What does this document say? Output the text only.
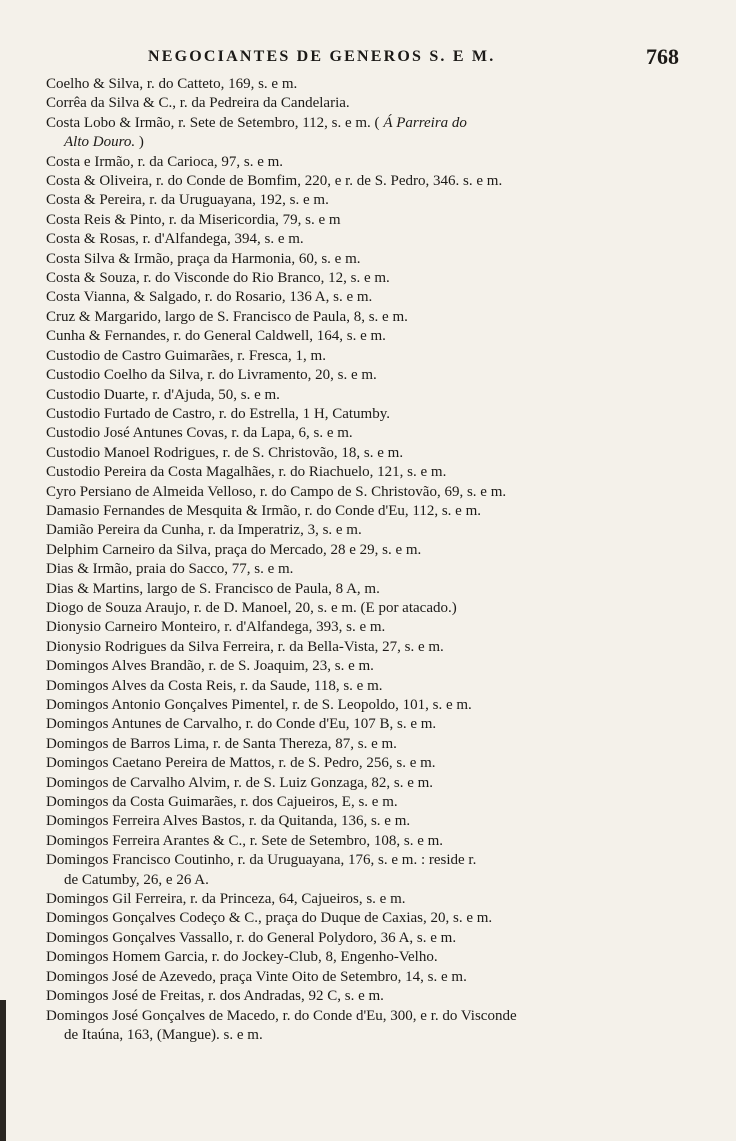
NEGOCIANTES DE GENEROS S. E M.	768
Coelho & Silva, r. do Catteto, 169, s. e m.
Corrêa da Silva & C., r. da Pedreira da Candelaria.
Costa Lobo & Irmão, r. Sete de Setembro, 112, s. e m. ( Á Parreira do
Alto Douro. )
Costa e Irmão, r. da Carioca, 97, s. e m.
Costa & Oliveira, r. do Conde de Bomfim, 220, e r. de S. Pedro, 346. s. e m.
Costa & Pereira, r. da Uruguayana, 192, s. e m.
Costa Reis & Pinto, r. da Misericordia, 79, s. e m
Costa & Rosas, r. d'Alfandega, 394, s. e m.
Costa Silva & Irmão, praça da Harmonia, 60, s. e m.
Costa & Souza, r. do Visconde do Rio Branco, 12, s. e m.
Costa Vianna, & Salgado, r. do Rosario, 136 A, s. e m.
Cruz & Margarido, largo de S. Francisco de Paula, 8, s. e m.
Cunha & Fernandes, r. do General Caldwell, 164, s. e m.
Custodio de Castro Guimarães, r. Fresca, 1, m.
Custodio Coelho da Silva, r. do Livramento, 20, s. e m.
Custodio Duarte, r. d'Ajuda, 50, s. e m.
Custodio Furtado de Castro, r. do Estrella, 1 H, Catumby.
Custodio José Antunes Covas, r. da Lapa, 6, s. e m.
Custodio Manoel Rodrigues, r. de S. Christovão, 18, s. e m.
Custodio Pereira da Costa Magalhães, r. do Riachuelo, 121, s. e m.
Cyro Persiano de Almeida Velloso, r. do Campo de S. Christovão, 69, s. e m.
Damasio Fernandes de Mesquita & Irmão, r. do Conde d'Eu, 112, s. e m.
Damião Pereira da Cunha, r. da Imperatriz, 3, s. e m.
Delphim Carneiro da Silva, praça do Mercado, 28 e 29, s. e m.
Dias & Irmão, praia do Sacco, 77, s. e m.
Dias & Martins, largo de S. Francisco de Paula, 8 A, m.
Diogo de Souza Araujo, r. de D. Manoel, 20, s. e m. (E por atacado.)
Dionysio Carneiro Monteiro, r. d'Alfandega, 393, s. e m.
Dionysio Rodrigues da Silva Ferreira, r. da Bella-Vista, 27, s. e m.
Domingos Alves Brandão, r. de S. Joaquim, 23, s. e m.
Domingos Alves da Costa Reis, r. da Saude, 118, s. e m.
Domingos Antonio Gonçalves Pimentel, r. de S. Leopoldo, 101, s. e m.
Domingos Antunes de Carvalho, r. do Conde d'Eu, 107 B, s. e m.
Domingos de Barros Lima, r. de Santa Thereza, 87, s. e m.
Domingos Caetano Pereira de Mattos, r. de S. Pedro, 256, s. e m.
Domingos de Carvalho Alvim, r. de S. Luiz Gonzaga, 82, s. e m.
Domingos da Costa Guimarães, r. dos Cajueiros, E, s. e m.
Domingos Ferreira Alves Bastos, r. da Quitanda, 136, s. e m.
Domingos Ferreira Arantes & C., r. Sete de Setembro, 108, s. e m.
Domingos Francisco Coutinho, r. da Uruguayana, 176, s. e m. : reside r.
de Catumby, 26, e 26 A.
Domingos Gil Ferreira, r. da Princeza, 64, Cajueiros, s. e m.
Domingos Gonçalves Codeço & C., praça do Duque de Caxias, 20, s. e m.
Domingos Gonçalves Vassallo, r. do General Polydoro, 36 A, s. e m.
Domingos Homem Garcia, r. do Jockey-Club, 8, Engenho-Velho.
Domingos José de Azevedo, praça Vinte Oito de Setembro, 14, s. e m.
Domingos José de Freitas, r. dos Andradas, 92 C, s. e m.
Domingos José Gonçalves de Macedo, r. do Conde d'Eu, 300, e r. do Visconde
de Itaúna, 163, (Mangue). s. e m.
